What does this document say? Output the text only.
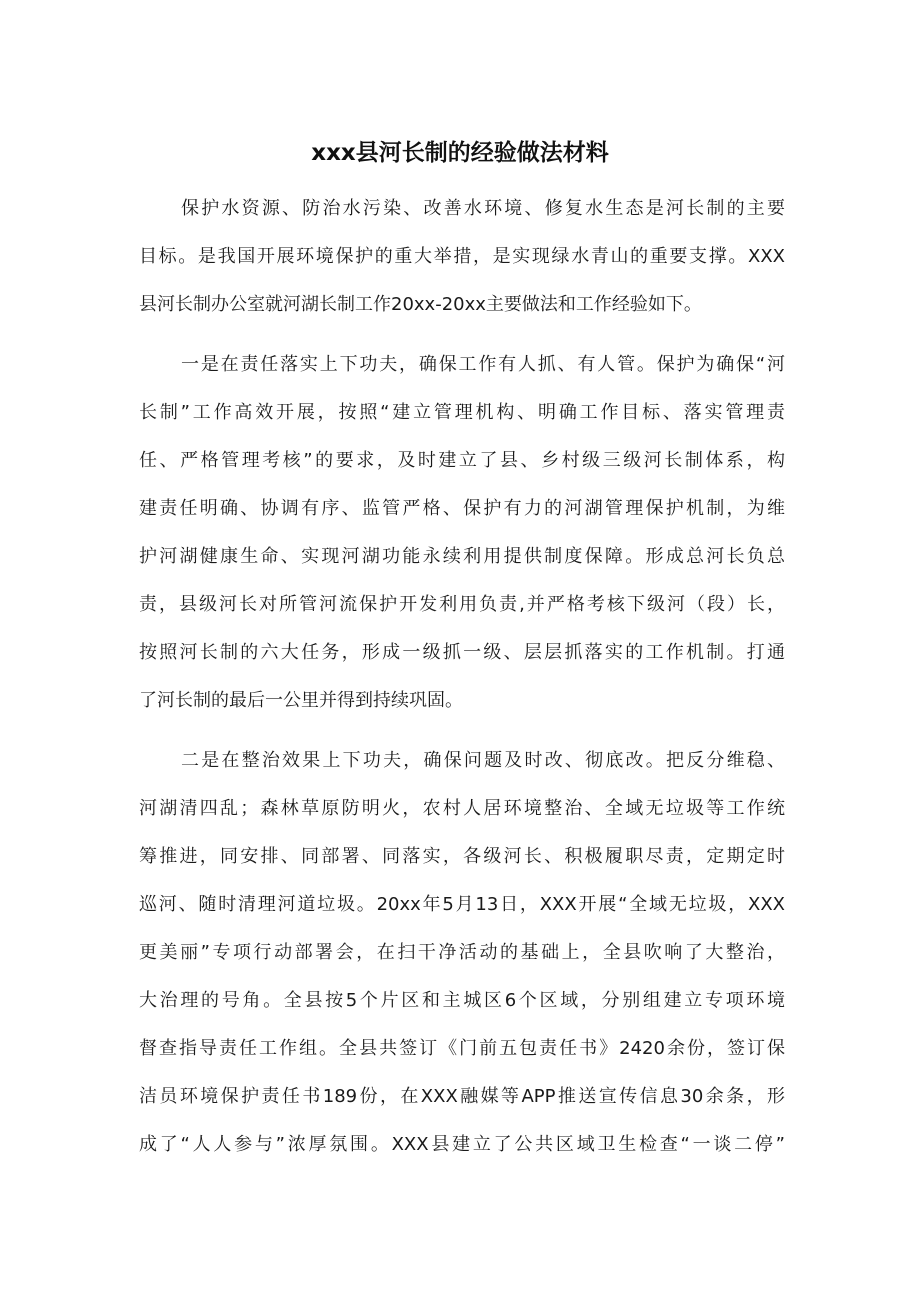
xxx县河长制的经验做法材料
保护水资源、防治水污染、改善水环境、修复水生态是河长制的主要
目标。是我国开展环境保护的重大举措，是实现绿水青山的重要支撑。XXX
县河长制办公室就河湖长制工作20xx-20xx主要做法和工作经验如下。
一是在责任落实上下功夫，确保工作有人抓、有人管。保护为确保“河
长制”工作高效开展，按照“建立管理机构、明确工作目标、落实管理责
任、严格管理考核”的要求，及时建立了县、乡村级三级河长制体系，构
建责任明确、协调有序、监管严格、保护有力的河湖管理保护机制，为维
护河湖健康生命、实现河湖功能永续利用提供制度保障。形成总河长负总
责，县级河长对所管河流保护开发利用负责,并严格考核下级河（段）长，
按照河长制的六大任务，形成一级抓一级、层层抓落实的工作机制。打通
了河长制的最后一公里并得到持续巩固。
二是在整治效果上下功夫，确保问题及时改、彻底改。把反分维稳、
河湖清四乱；森林草原防明火，农村人居环境整治、全域无垃圾等工作统
筹推进，同安排、同部署、同落实，各级河长、积极履职尽责，定期定时
巡河、随时清理河道垃圾。20xx年5月13日，XXX开展“全域无垃圾，XXX
更美丽”专项行动部署会，在扫干净活动的基础上，全县吹响了大整治，
大治理的号角。全县按5个片区和主城区6个区域，分别组建立专项环境
督查指导责任工作组。全县共签订《门前五包责任书》2420余份，签订保
洁员环境保护责任书189份，在XXX融媒等APP推送宣传信息30余条，形
成了“人人参与”浓厚氛围。XXX县建立了公共区域卫生检查“一谈二停”
